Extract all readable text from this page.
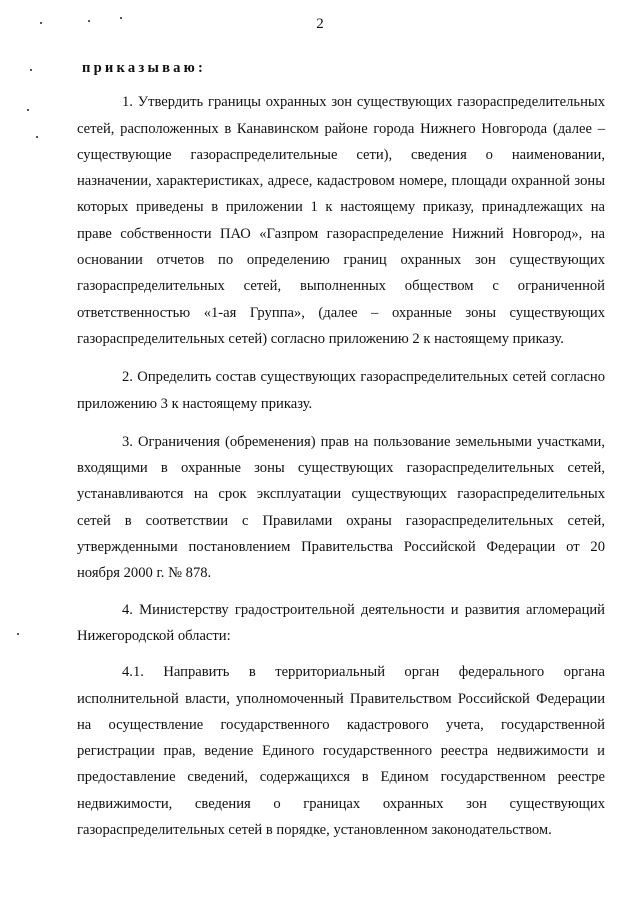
2

приказываю:

1. Утвердить границы охранных зон существующих газораспределительных сетей, расположенных в Канавинском районе города Нижнего Новгорода (далее – существующие газораспределительные сети), сведения о наименовании, назначении, характеристиках, адресе, кадастровом номере, площади охранной зоны которых приведены в приложении 1 к настоящему приказу, принадлежащих на праве собственности ПАО «Газпром газораспределение Нижний Новгород», на основании отчетов по определению границ охранных зон существующих газораспределительных сетей, выполненных обществом с ограниченной ответственностью «1-ая Группа», (далее – охранные зоны существующих газораспределительных сетей) согласно приложению 2 к настоящему приказу.

2. Определить состав существующих газораспределительных сетей согласно приложению 3 к настоящему приказу.

3. Ограничения (обременения) прав на пользование земельными участками, входящими в охранные зоны существующих газораспределительных сетей, устанавливаются на срок эксплуатации существующих газораспределительных сетей в соответствии с Правилами охраны газораспределительных сетей, утвержденными постановлением Правительства Российской Федерации от 20 ноября 2000 г. № 878.

4. Министерству градостроительной деятельности и развития агломераций Нижегородской области:

4.1. Направить в территориальный орган федерального органа исполнительной власти, уполномоченный Правительством Российской Федерации на осуществление государственного кадастрового учета, государственной регистрации прав, ведение Единого государственного реестра недвижимости и предоставление сведений, содержащихся в Едином государственном реестре недвижимости, сведения о границах охранных зон существующих газораспределительных сетей в порядке, установленном законодательством.
